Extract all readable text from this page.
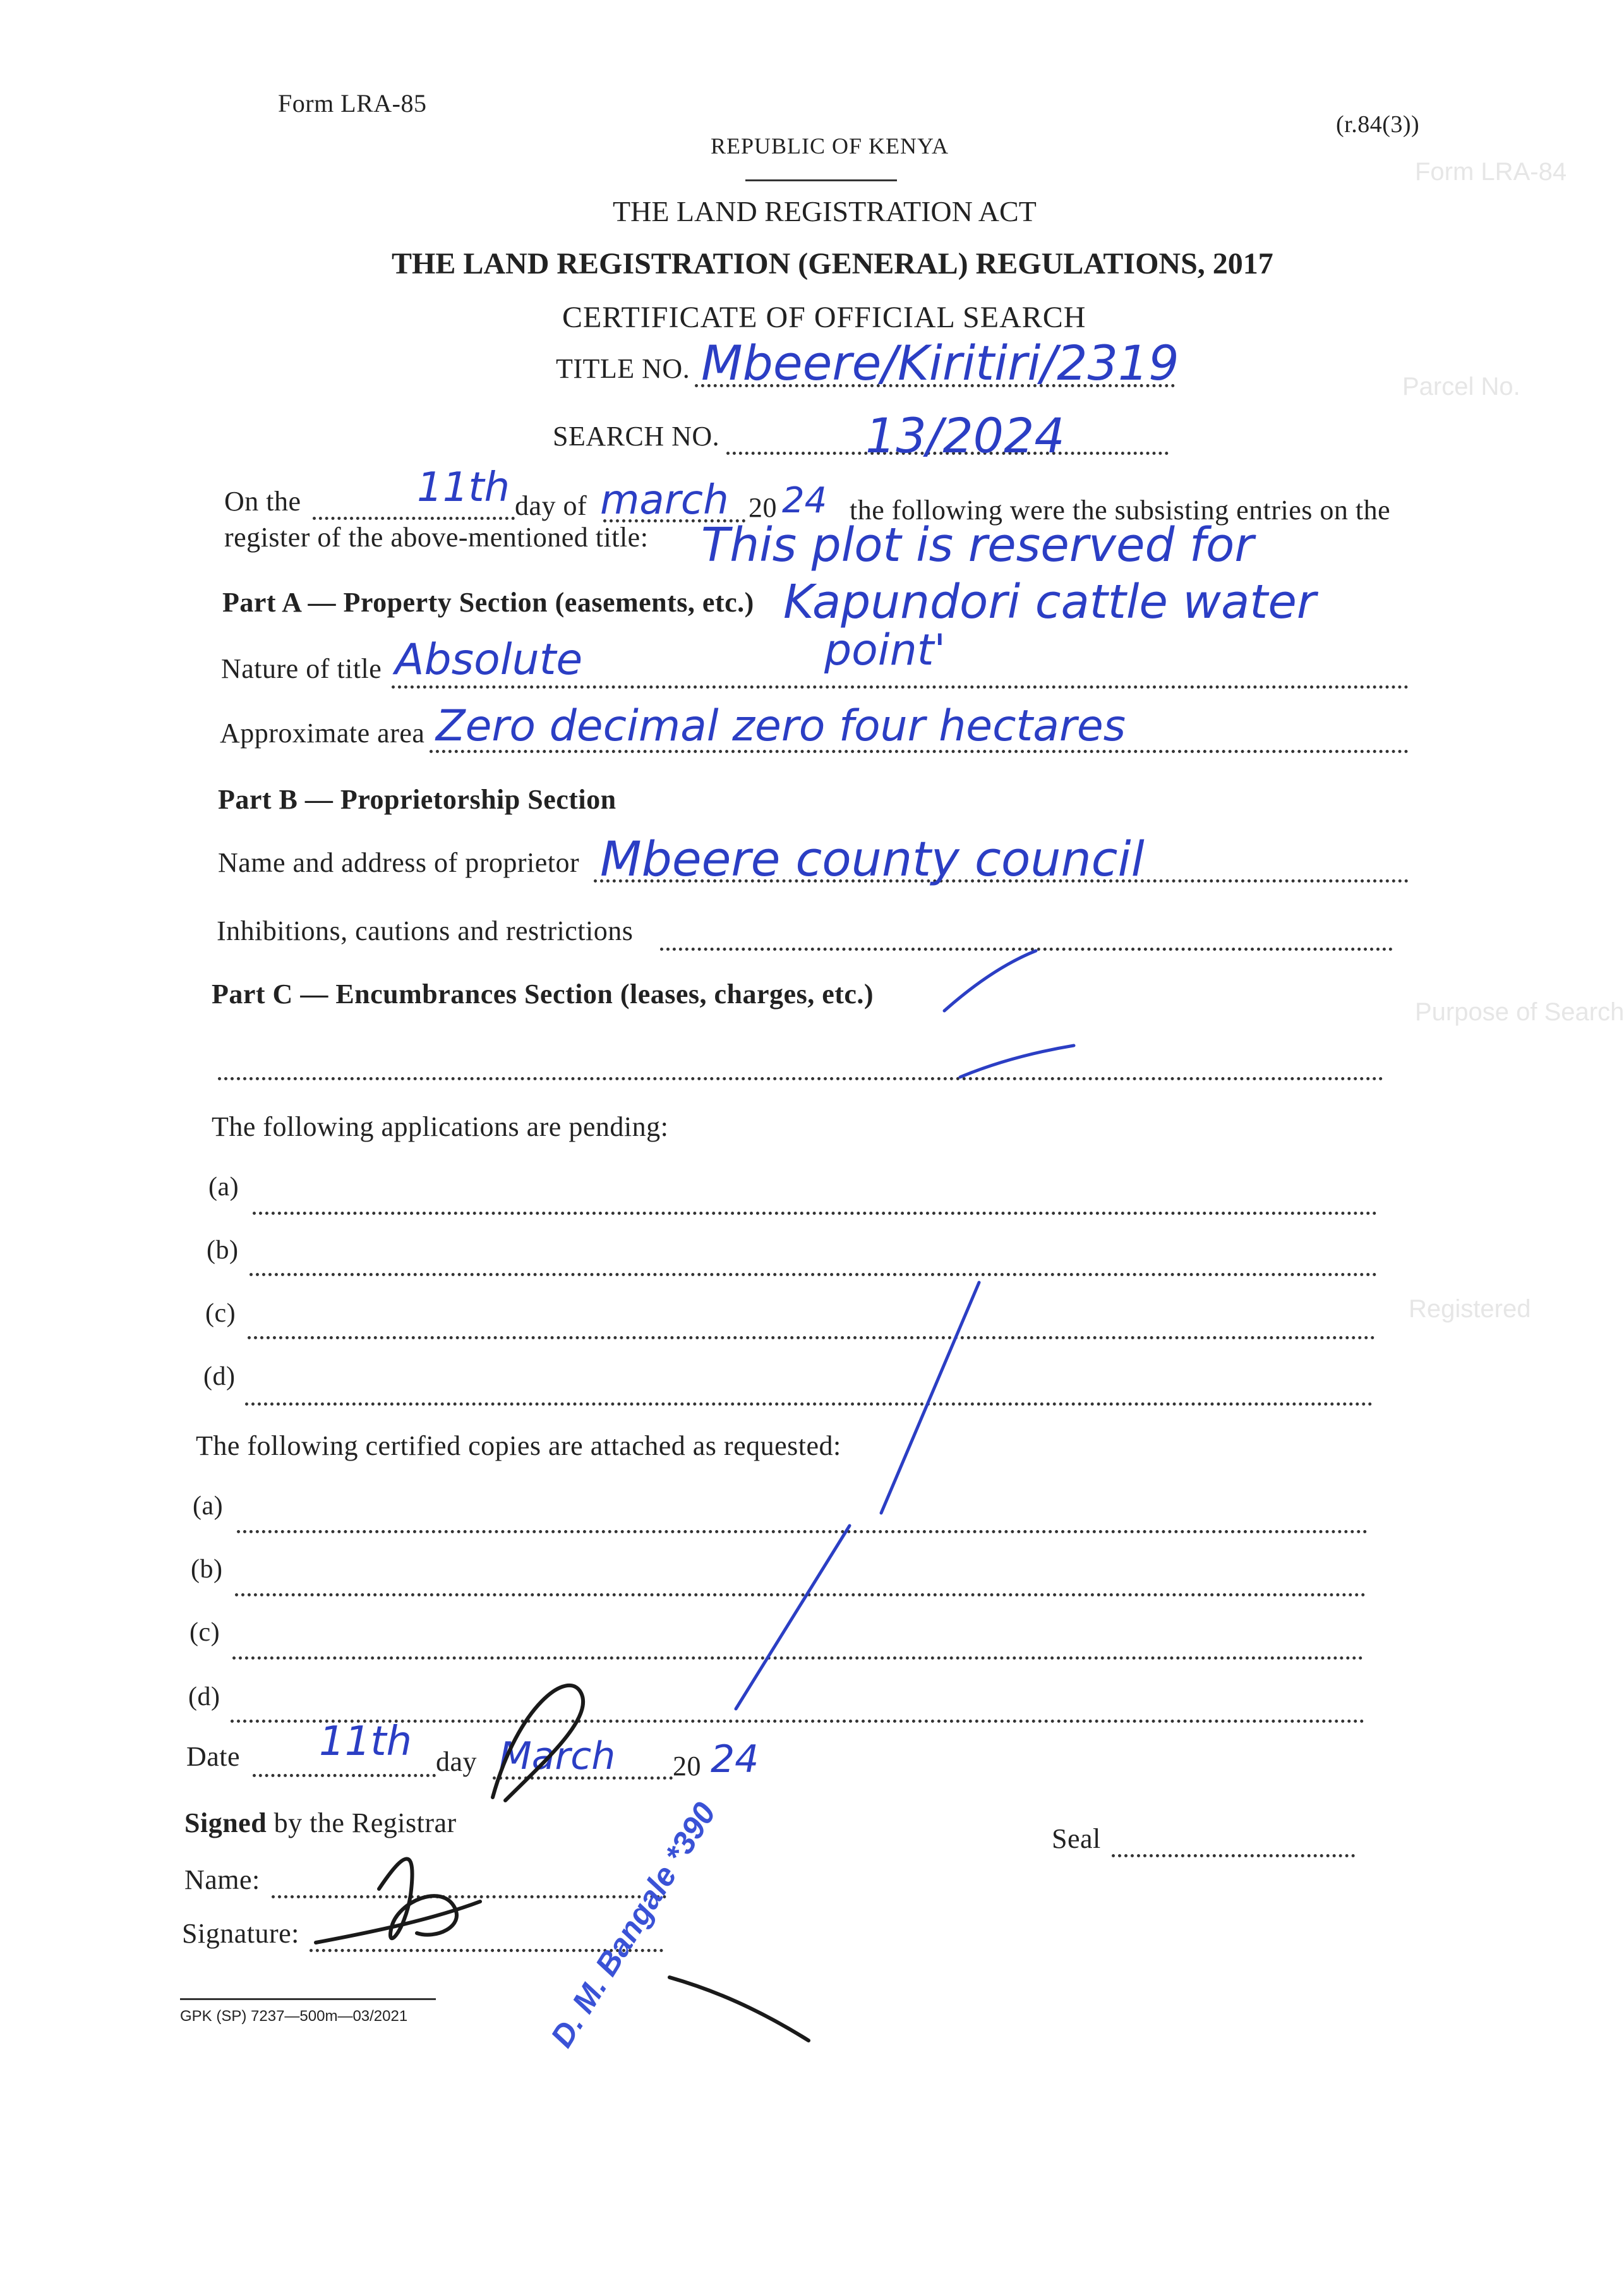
Form LRA-84
Parcel No.
Purpose of Search
Registered
Form LRA-85
(r.84(3))
REPUBLIC OF KENYA
THE LAND REGISTRATION ACT
THE LAND REGISTRATION (GENERAL) REGULATIONS, 2017
CERTIFICATE OF OFFICIAL SEARCH
TITLE NO. Mbeere/Kiritiri/2319
SEARCH NO.	13/2024
On the	11th day of march 20 24 the following were the subsisting entries on the
register of the above-mentioned title: This plot is reserved for
Kapundori cattle water
point'
Part A — Property Section (easements, etc.)
Nature of title Absolute
Approximate area Zero decimal zero four hectares
Part B — Proprietorship Section
Name and address of proprietor Mbeere county council
Inhibitions, cautions and restrictions
Part C — Encumbrances Section (leases, charges, etc.)
The following applications are pending:
(a)
(b)
(c)
(d)
The following certified copies are attached as requested:
(a)
(b)
(c)
(d)
Date 11th day March 20 24
Signed by the Registrar
Name:
Signature:
Seal
GPK (SP) 7237—500m—03/2021	D. M. Bangale *390
